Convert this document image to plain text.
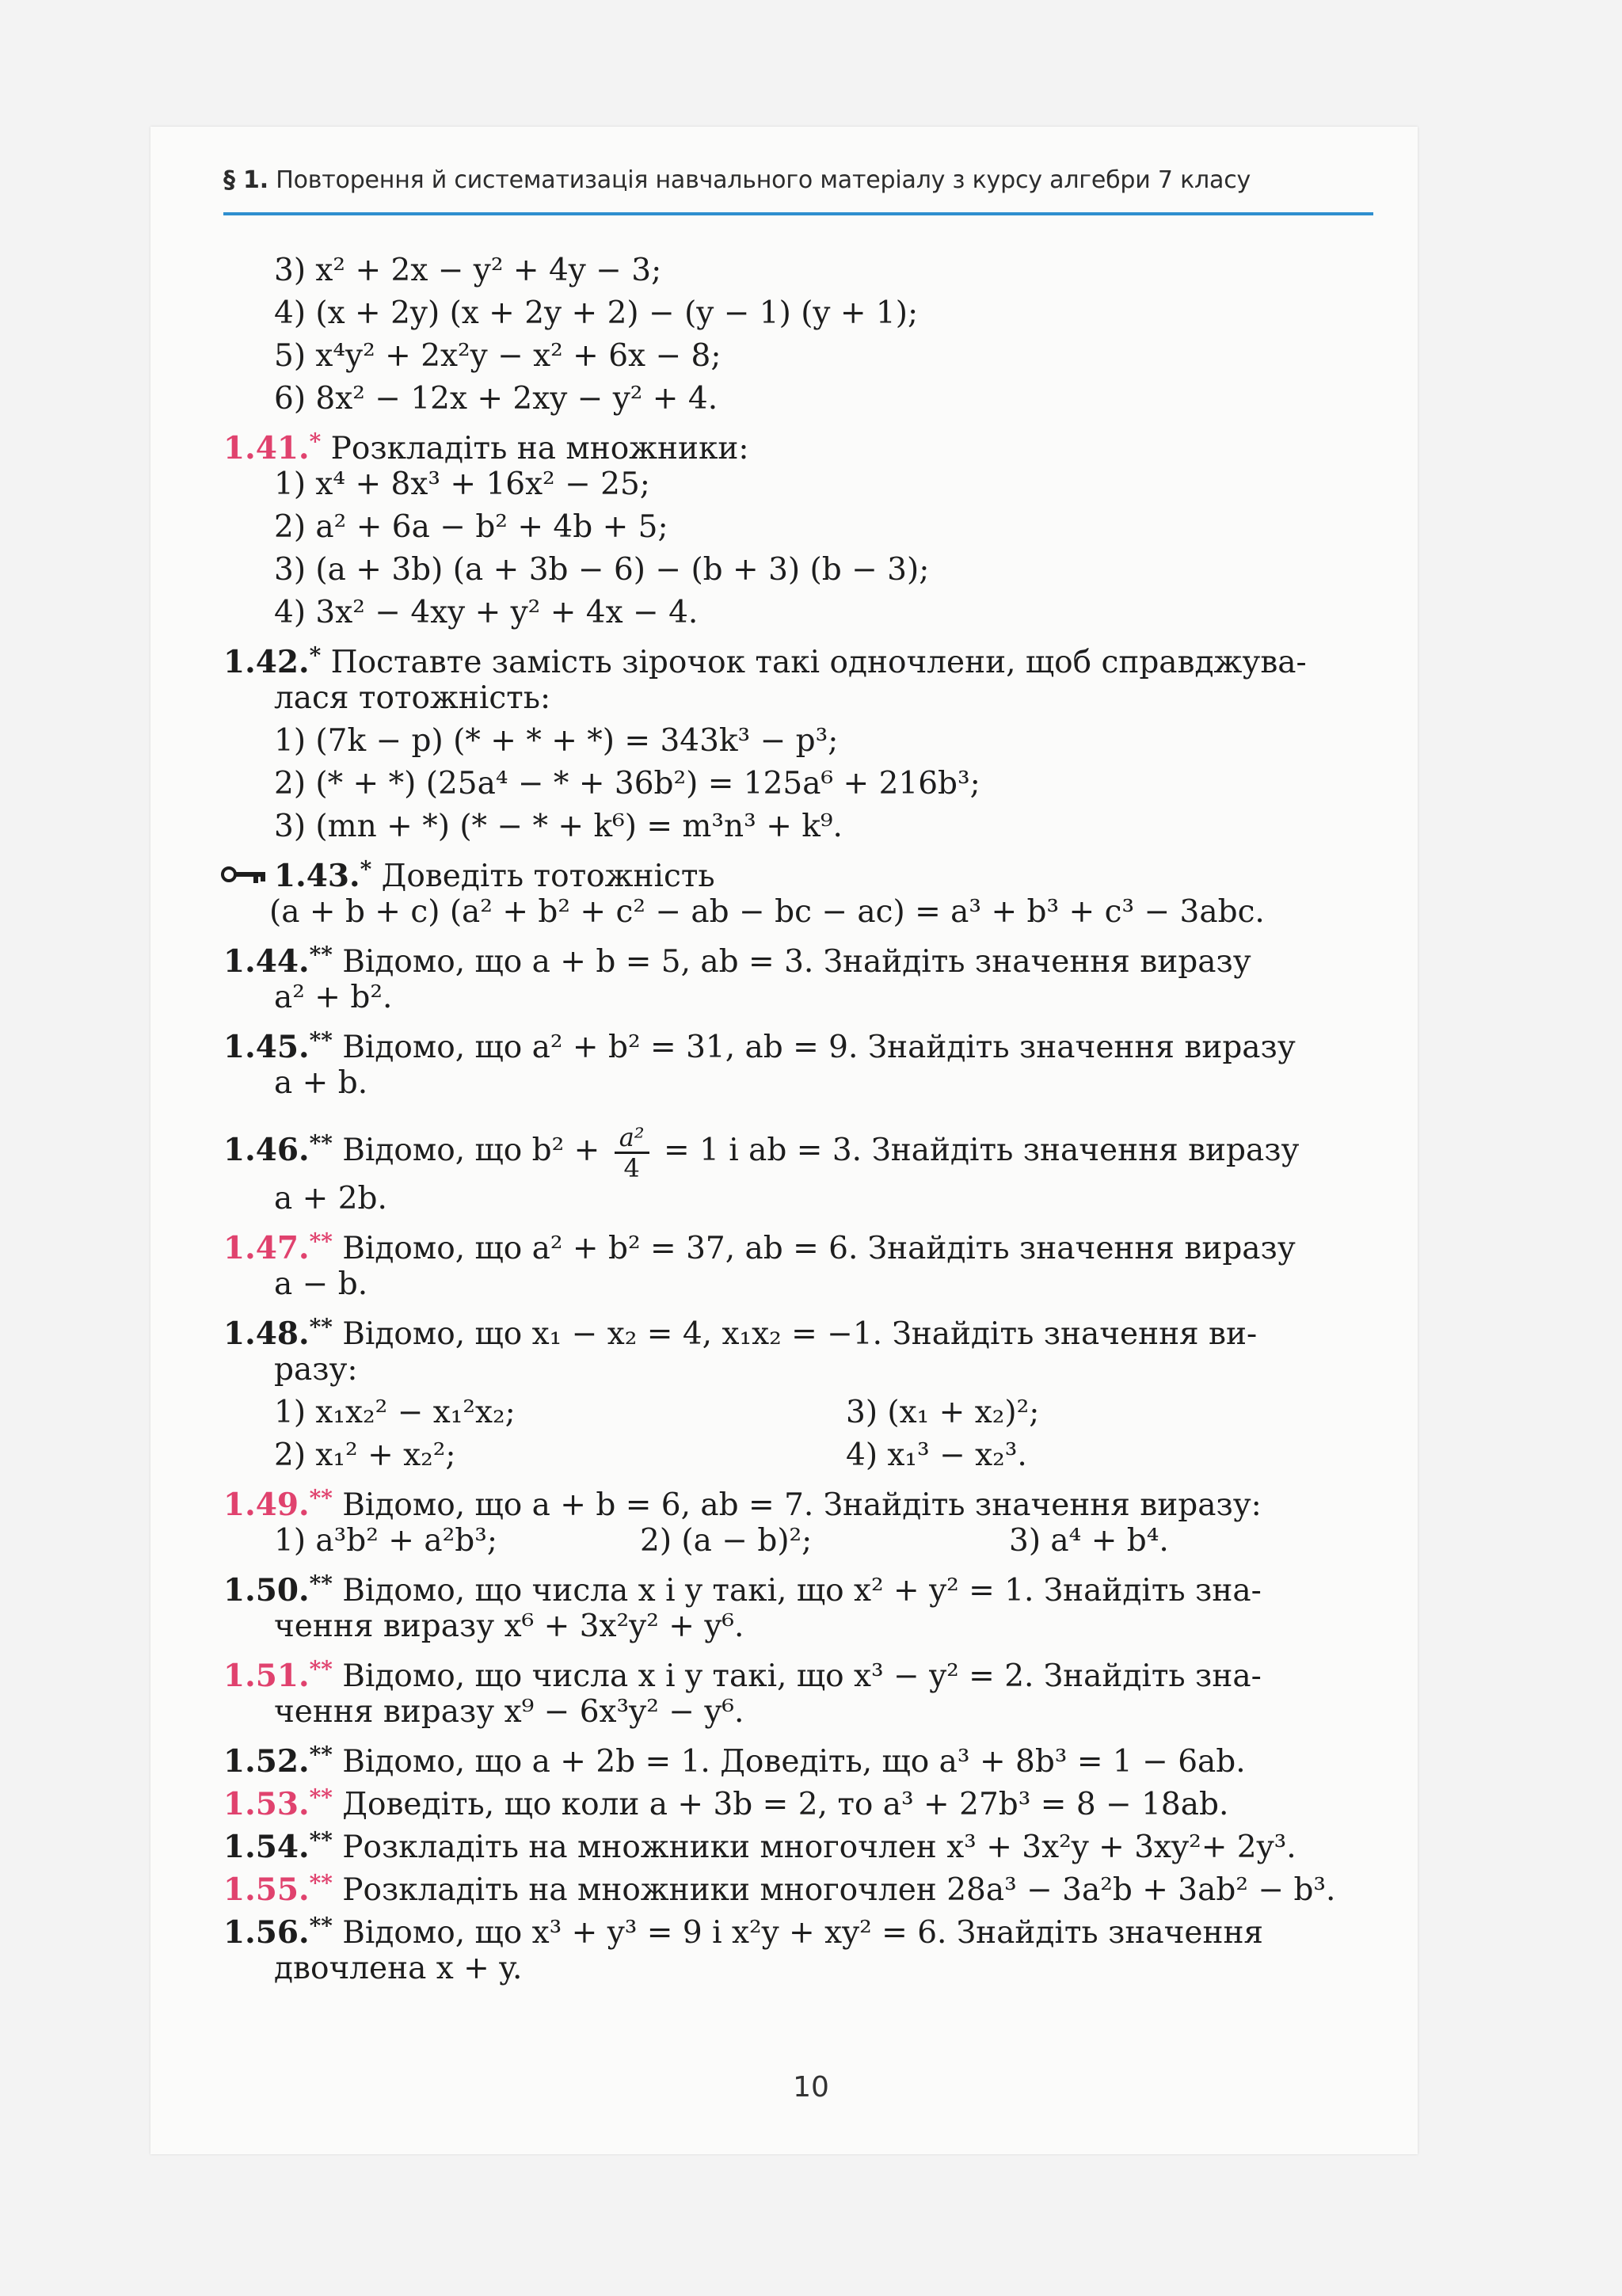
§ 1. Повторення й систематизація навчального матеріалу з курсу алгебри 7 класу
3) x² + 2x − y² + 4y − 3;
4) (x + 2y) (x + 2y + 2) − (y − 1) (y + 1);
5) x⁴y² + 2x²y − x² + 6x − 8;
6) 8x² − 12x + 2xy − y² + 4.
1.41.* Розкладіть на множники:
1) x⁴ + 8x³ + 16x² − 25;
2) a² + 6a − b² + 4b + 5;
3) (a + 3b) (a + 3b − 6) − (b + 3) (b − 3);
4) 3x² − 4xy + y² + 4x − 4.
1.42.* Поставте замість зірочок такі одночлени, щоб справджува-
лася тотожність:
1) (7k − p) (* + * + *) = 343k³ − p³;
2) (* + *) (25a⁴ − * + 36b²) = 125a⁶ + 216b³;
3) (mn + *) (* − * + k⁶) = m³n³ + k⁹.
1.43.* Доведіть тотожність
(a + b + c) (a² + b² + c² − ab − bc − ac) = a³ + b³ + c³ − 3abc.
1.44.** Відомо, що a + b = 5, ab = 3. Знайдіть значення виразу
a² + b².
1.45.** Відомо, що a² + b² = 31, ab = 9. Знайдіть значення виразу
a + b.
1.46.** Відомо, що $b^2 + \frac{\text{a²}}{4} = 1$ і ab = 3. Знайдіть значення виразу
a + 2b.
1.47.** Відомо, що a² + b² = 37, ab = 6. Знайдіть значення виразу
a − b.
1.48.** Відомо, що x₁ − x₂ = 4, x₁x₂ = −1. Знайдіть значення ви-
разу:
1) x₁x₂² − x₁²x₂;	3) (x₁ + x₂)²;
2) x₁² + x₂²;	4) x₁³ − x₂³.
1.49.** Відомо, що a + b = 6, ab = 7. Знайдіть значення виразу:
1) a³b² + a²b³;	2) (a − b)²;	3) a⁴ + b⁴.
1.50.** Відомо, що числа x і y такі, що x² + y² = 1. Знайдіть зна-
чення виразу x⁶ + 3x²y² + y⁶.
1.51.** Відомо, що числа x і y такі, що x³ − y² = 2. Знайдіть зна-
чення виразу x⁹ − 6x³y² − y⁶.
1.52.** Відомо, що a + 2b = 1. Доведіть, що a³ + 8b³ = 1 − 6ab.
1.53.** Доведіть, що коли a + 3b = 2, то a³ + 27b³ = 8 − 18ab.
1.54.** Розкладіть на множники многочлен x³ + 3x²y + 3xy²+ 2y³.
1.55.** Розкладіть на множники многочлен 28a³ − 3a²b + 3ab² − b³.
1.56.** Відомо, що x³ + y³ = 9 і x²y + xy² = 6. Знайдіть значення
двочлена x + y.
10
